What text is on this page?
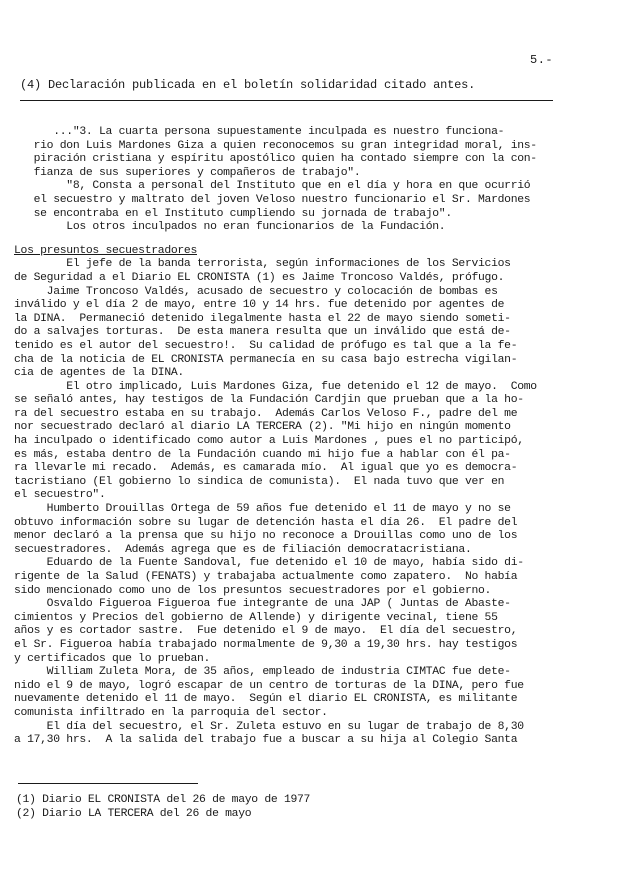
5.-
(4) Declaración publicada en el boletín solidaridad citado antes.
..."3. La cuarta persona supuestamente inculpada es nuestro funciona-
rio don Luis Mardones Giza a quien reconocemos su gran integridad moral, ins-
piración cristiana y espíritu apostólico quien ha contado siempre con la con-
fianza de sus superiores y compañeros de trabajo".
"8, Consta a personal del Instituto que en el día y hora en que ocurrió
el secuestro y maltrato del joven Veloso nuestro funcionario el Sr. Mardones
se encontraba en el Instituto cumpliendo su jornada de trabajo".
Los otros inculpados no eran funcionarios de la Fundación.
Los presuntos secuestradores
El jefe de la banda terrorista, según informaciones de los Servicios
de Seguridad a el Diario EL CRONISTA (1) es Jaime Troncoso Valdés, prófugo.
Jaime Troncoso Valdés, acusado de secuestro y colocación de bombas es
inválido y el día 2 de mayo, entre 10 y 14 hrs. fue detenido por agentes de
la DINA.  Permaneció detenido ilegalmente hasta el 22 de mayo siendo someti-
do a salvajes torturas.  De esta manera resulta que un inválido que está de-
tenido es el autor del secuestro!.  Su calidad de prófugo es tal que a la fe-
cha de la noticia de EL CRONISTA permanecía en su casa bajo estrecha vigilan-
cia de agentes de la DINA.
El otro implicado, Luis Mardones Giza, fue detenido el 12 de mayo.  Como
se señaló antes, hay testigos de la Fundación Cardjin que prueban que a la ho-
ra del secuestro estaba en su trabajo.  Además Carlos Veloso F., padre del me
nor secuestrado declaró al diario LA TERCERA (2). "Mi hijo en ningún momento
ha inculpado o identificado como autor a Luis Mardones , pues el no participó,
es más, estaba dentro de la Fundación cuando mi hijo fue a hablar con él pa-
ra llevarle mi recado.  Además, es camarada mío.  Al igual que yo es democra-
tacristiano (El gobierno lo sindica de comunista).  El nada tuvo que ver en
el secuestro".
Humberto Drouillas Ortega de 59 años fue detenido el 11 de mayo y no se
obtuvo información sobre su lugar de detención hasta el día 26.  El padre del
menor declaró a la prensa que su hijo no reconoce a Drouillas como uno de los
secuestradores.  Además agrega que es de filiación democratacristiana.
Eduardo de la Fuente Sandoval, fue detenido el 10 de mayo, había sido di-
rigente de la Salud (FENATS) y trabajaba actualmente como zapatero.  No había
sido mencionado como uno de los presuntos secuestradores por el gobierno.
Osvaldo Figueroa Figueroa fue integrante de una JAP ( Juntas de Abaste-
cimientos y Precios del gobierno de Allende) y dirigente vecinal, tiene 55
años y es cortador sastre.  Fue detenido el 9 de mayo.  El día del secuestro,
el Sr. Figueroa había trabajado normalmente de 9,30 a 19,30 hrs. hay testigos
y certificados que lo prueban.
William Zuleta Mora, de 35 años, empleado de industria CIMTAC fue dete-
nido el 9 de mayo, logró escapar de un centro de torturas de la DINA, pero fue
nuevamente detenido el 11 de mayo.  Según el diario EL CRONISTA, es militante
comunista infiltrado en la parroquia del sector.
El día del secuestro, el Sr. Zuleta estuvo en su lugar de trabajo de 8,30
a 17,30 hrs.  A la salida del trabajo fue a buscar a su hija al Colegio Santa
(1) Diario EL CRONISTA del 26 de mayo de 1977
(2) Diario LA TERCERA del 26 de mayo
